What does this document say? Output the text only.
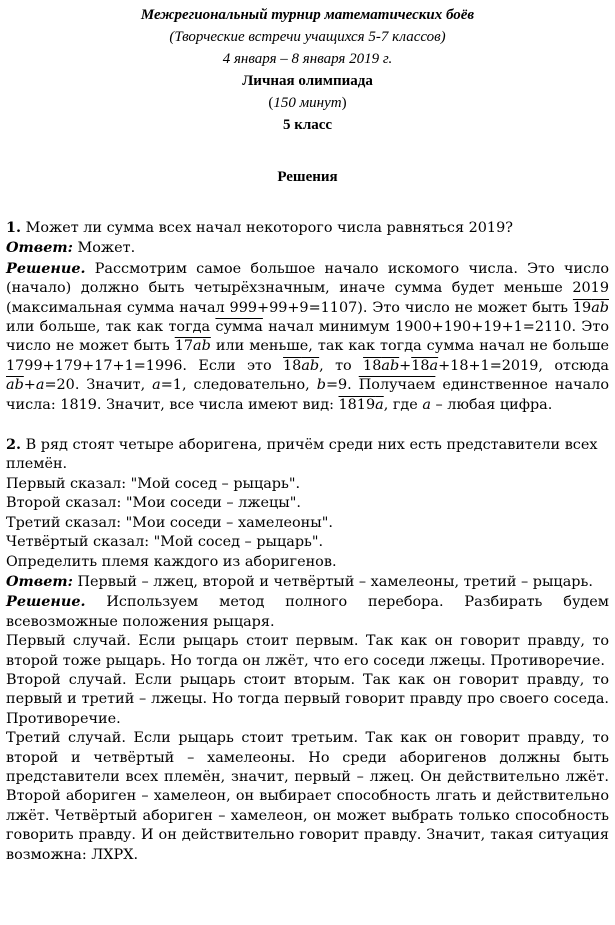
Межрегиональный турнир математических боёв

(Творческие встречи учащихся 5-7 классов)

4 января – 8 января 2019 г.

Личная олимпиада

(150 минут)

5 класс

Решения

1. Может ли сумма всех начал некоторого числа равняться 2019?

Ответ: Может.

Решение. Рассмотрим самое большое начало искомого числа. Это число (начало) должно быть четырёхзначным, иначе сумма будет меньше 2019 (максимальная сумма начал 999+99+9=1107). Это число не может быть 19ab или больше, так как тогда сумма начал минимум 1900+190+19+1=2110. Это число не может быть 17ab или меньше, так как тогда сумма начал не больше 1799+179+17+1=1996. Если это 18ab, то 18ab+18a+18+1=2019, отсюда $\overline{ab}+a=20$. Значит, a=1, следовательно, b=9. Получаем единственное начало числа: 1819. Значит, все числа имеют вид: 1819a, где a – любая цифра.

2. В ряд стоят четыре аборигена, причём среди них есть представители всех племён.

Первый сказал: "Мой сосед – рыцарь".

Второй сказал: "Мои соседи – лжецы".

Третий сказал: "Мои соседи – хамелеоны".

Четвёртый сказал: "Мой сосед – рыцарь".

Определить племя каждого из аборигенов.

Ответ: Первый – лжец, второй и четвёртый – хамелеоны, третий – рыцарь.

Решение. Используем метод полного перебора. Разбирать будем всевозможные положения рыцаря.

Первый случай. Если рыцарь стоит первым. Так как он говорит правду, то второй тоже рыцарь. Но тогда он лжёт, что его соседи лжецы. Противоречие.

Второй случай. Если рыцарь стоит вторым. Так как он говорит правду, то первый и третий – лжецы. Но тогда первый говорит правду про своего соседа. Противоречие.

Третий случай. Если рыцарь стоит третьим. Так как он говорит правду, то второй и четвёртый – хамелеоны. Но среди аборигенов должны быть представители всех племён, значит, первый – лжец. Он действительно лжёт. Второй абориген – хамелеон, он выбирает способность лгать и действительно лжёт. Четвёртый абориген – хамелеон, он может выбрать только способность говорить правду. И он действительно говорит правду. Значит, такая ситуация возможна: ЛХРХ.
